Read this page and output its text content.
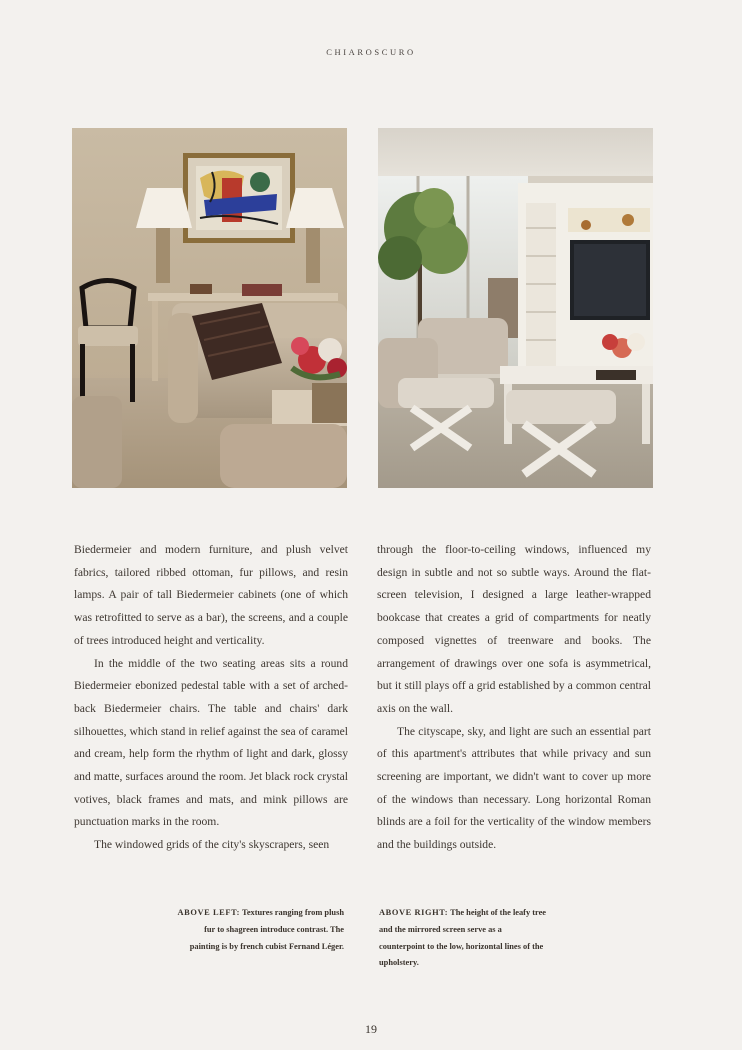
CHIAROSCURO

Biedermeier and modern furniture, and plush velvet fabrics, tailored ribbed ottoman, fur pillows, and resin lamps. A pair of tall Biedermeier cabinets (one of which was retrofitted to serve as a bar), the screens, and a couple of trees introduced height and verticality.

In the middle of the two seating areas sits a round Biedermeier ebonized pedestal table with a set of arched-back Biedermeier chairs. The table and chairs' dark silhouettes, which stand in relief against the sea of caramel and cream, help form the rhythm of light and dark, glossy and matte, surfaces around the room. Jet black rock crystal votives, black frames and mats, and mink pillows are punctuation marks in the room.

The windowed grids of the city's skyscrapers, seen

through the floor-to-ceiling windows, influenced my design in subtle and not so subtle ways. Around the flat-screen television, I designed a large leather-wrapped bookcase that creates a grid of compartments for neatly composed vignettes of treenware and books. The arrangement of drawings over one sofa is asymmetrical, but it still plays off a grid established by a common central axis on the wall.

The cityscape, sky, and light are such an essential part of this apartment's attributes that while privacy and sun screening are important, we didn't want to cover up more of the windows than necessary. Long horizontal Roman blinds are a foil for the verticality of the window members and the buildings outside.

ABOVE LEFT: Textures ranging from plush fur to shagreen introduce contrast. The painting is by french cubist Fernand Léger.
ABOVE RIGHT: The height of the leafy tree and the mirrored screen serve as a counterpoint to the low, horizontal lines of the upholstery.
19
